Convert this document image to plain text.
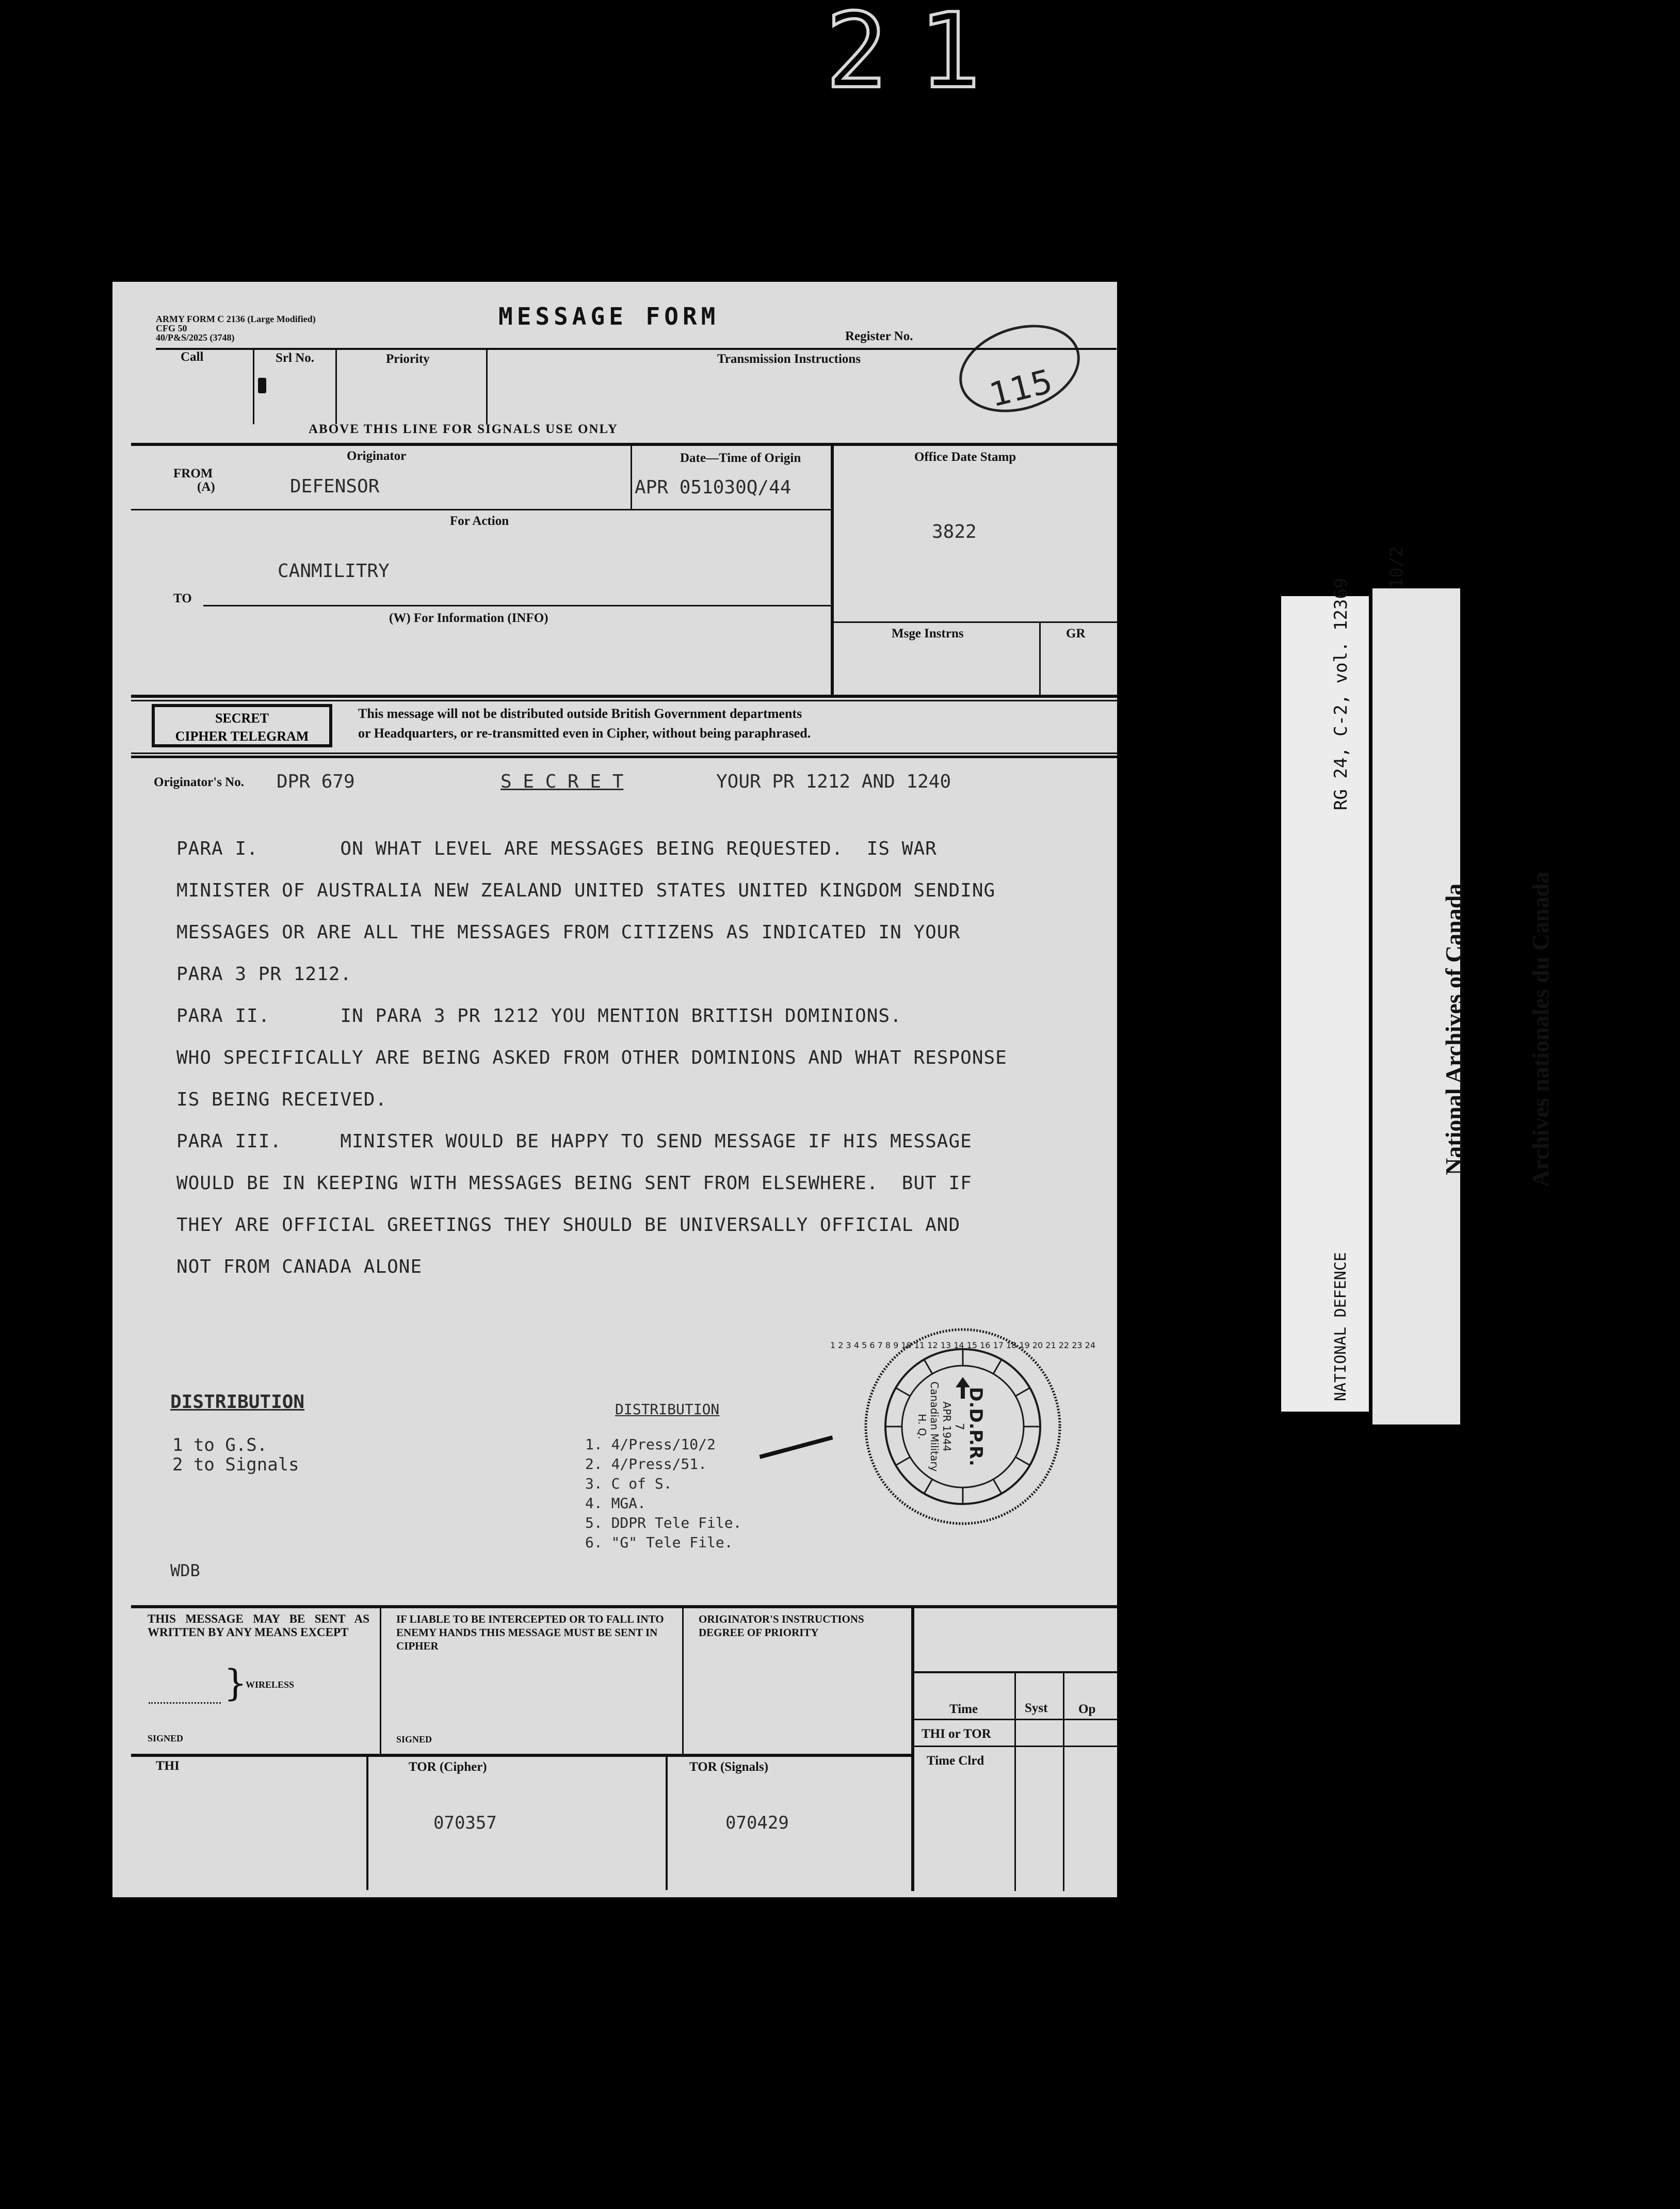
21
ARMY FORM C 2136 (Large Modified)
CFG 50
40/P&S/2025 (3748)
MESSAGE FORM
Register No.
115
Call	Srl No.	Priority	Transmission Instructions
ABOVE THIS LINE FOR SIGNALS USE ONLY
Originator	Date—Time of Origin	Office Date Stamp
FROM
(A)	DEFENSOR	APR 051030Q/44
3822
For Action
CANMILITRY
TO
(W) For Information (INFO)
Msge Instrns	GR
SECRET
CIPHER TELEGRAM
This message will not be distributed outside British Government departments
or Headquarters, or re-transmitted even in Cipher, without being paraphrased.
Originator's No. DPR 679	S E C R E T	YOUR PR 1212 AND 1240
PARA I.       ON WHAT LEVEL ARE MESSAGES BEING REQUESTED.  IS WAR
MINISTER OF AUSTRALIA NEW ZEALAND UNITED STATES UNITED KINGDOM SENDING
MESSAGES OR ARE ALL THE MESSAGES FROM CITIZENS AS INDICATED IN YOUR
PARA 3 PR 1212.
PARA II.      IN PARA 3 PR 1212 YOU MENTION BRITISH DOMINIONS.
WHO SPECIFICALLY ARE BEING ASKED FROM OTHER DOMINIONS AND WHAT RESPONSE
IS BEING RECEIVED.
PARA III.     MINISTER WOULD BE HAPPY TO SEND MESSAGE IF HIS MESSAGE
WOULD BE IN KEEPING WITH MESSAGES BEING SENT FROM ELSEWHERE.  BUT IF
THEY ARE OFFICIAL GREETINGS THEY SHOULD BE UNIVERSALLY OFFICIAL AND
NOT FROM CANADA ALONE
DISTRIBUTION
1 to G.S.
2 to Signals
DISTRIBUTION
1. 4/Press/10/2
2. 4/Press/51.
3. C of S.
4. MGA.
5. DDPR Tele File.
6. "G" Tele File.
D.D.P.R.
7
APR 1944
Canadian Military
H. Q.
1 2 3 4 5 6 7 8 9 10 11 12 13 14 15 16 17 18 19 20 21 22 23 24
WDB
THIS MESSAGE MAY BE SENT AS WRITTEN BY ANY MEANS EXCEPT
}
WIRELESS
SIGNED
IF LIABLE TO BE INTERCEPTED OR TO FALL INTO ENEMY HANDS THIS MESSAGE MUST BE SENT IN CIPHER
SIGNED
ORIGINATOR'S INSTRUCTIONS DEGREE OF PRIORITY
Time	Syst Op
THI or TOR
Time Clrd
THI	TOR (Cipher)
070357
TOR (Signals)
070429

RG 24, C-2, vol. 12369

NATIONAL DEFENCE

National Archives of Canada

	Archives nationales du Canada
